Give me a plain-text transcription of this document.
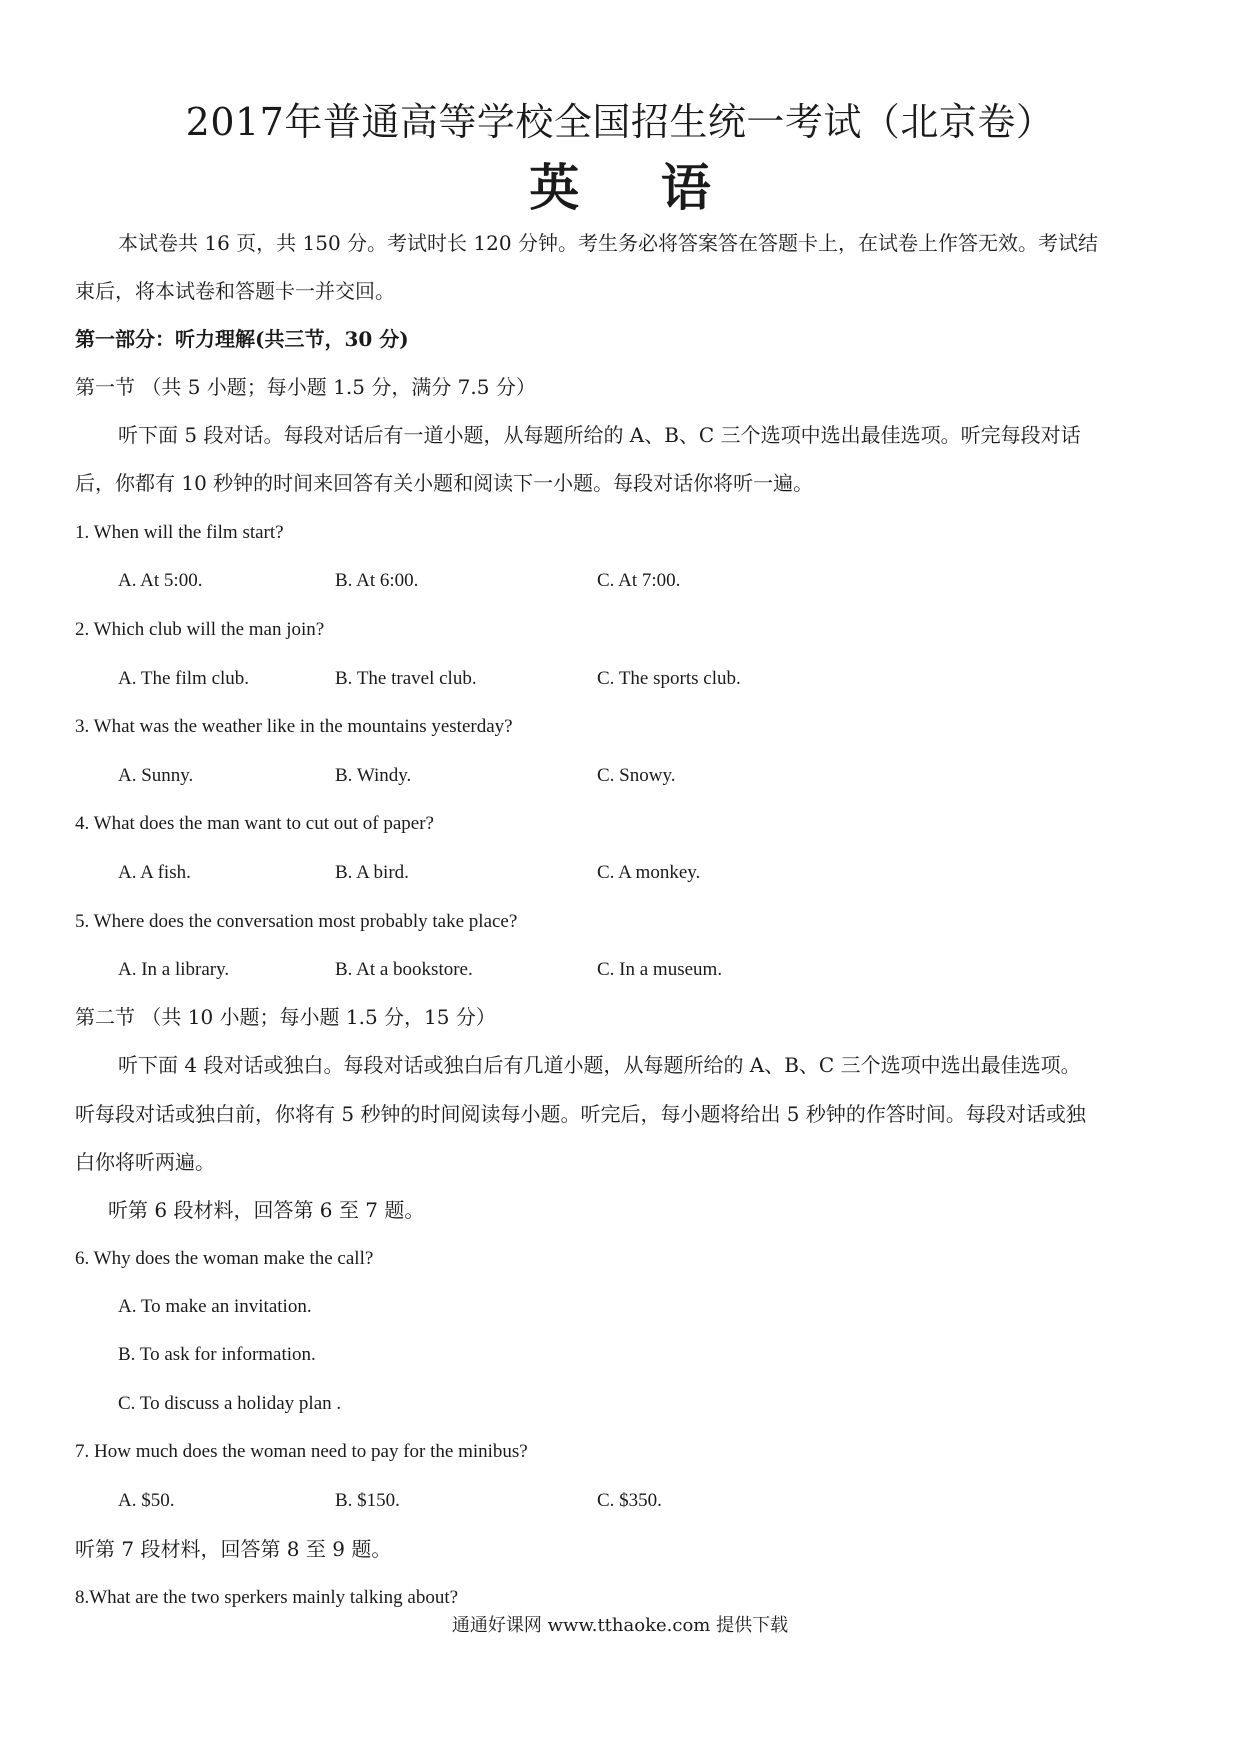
2017年普通高等学校全国招生统一考试（北京卷）
英 语
本试卷共 16 页，共 150 分。考试时长 120 分钟。考生务必将答案答在答题卡上，在试卷上作答无效。考试结
束后，将本试卷和答题卡一并交回。
第一部分：听力理解(共三节，30 分)
第一节 （共 5 小题；每小题 1.5 分，满分 7.5 分）
听下面 5 段对话。每段对话后有一道小题，从每题所给的 A、B、C 三个选项中选出最佳选项。听完每段对话
后，你都有 10 秒钟的时间来回答有关小题和阅读下一小题。每段对话你将听一遍。
1. When will the film start?
A. At 5:00.	B. At 6:00.	C. At 7:00.
2. Which club will the man join?
A. The film club.	B. The travel club.	C. The sports club.
3. What was the weather like in the mountains yesterday?
A. Sunny.	B. Windy.	C. Snowy.
4. What does the man want to cut out of paper?
A. A fish.	B. A bird.	C. A monkey.
5. Where does the conversation most probably take place?
A. In a library.	B. At a bookstore.	C. In a museum.
第二节 （共 10 小题；每小题 1.5 分，15 分）
听下面 4 段对话或独白。每段对话或独白后有几道小题，从每题所给的 A、B、C 三个选项中选出最佳选项。
听每段对话或独白前，你将有 5 秒钟的时间阅读每小题。听完后，每小题将给出 5 秒钟的作答时间。每段对话或独
白你将听两遍。
听第 6 段材料，回答第 6 至 7 题。
6. Why does the woman make the call?
A. To make an invitation.
B. To ask for information.
C. To discuss a holiday plan .
7. How much does the woman need to pay for the minibus?
A. $50.	B. $150.	C. $350.
听第 7 段材料，回答第 8 至 9 题。
8.What are the two sperkers mainly talking about?
通通好课网 www.tthaoke.com 提供下载
